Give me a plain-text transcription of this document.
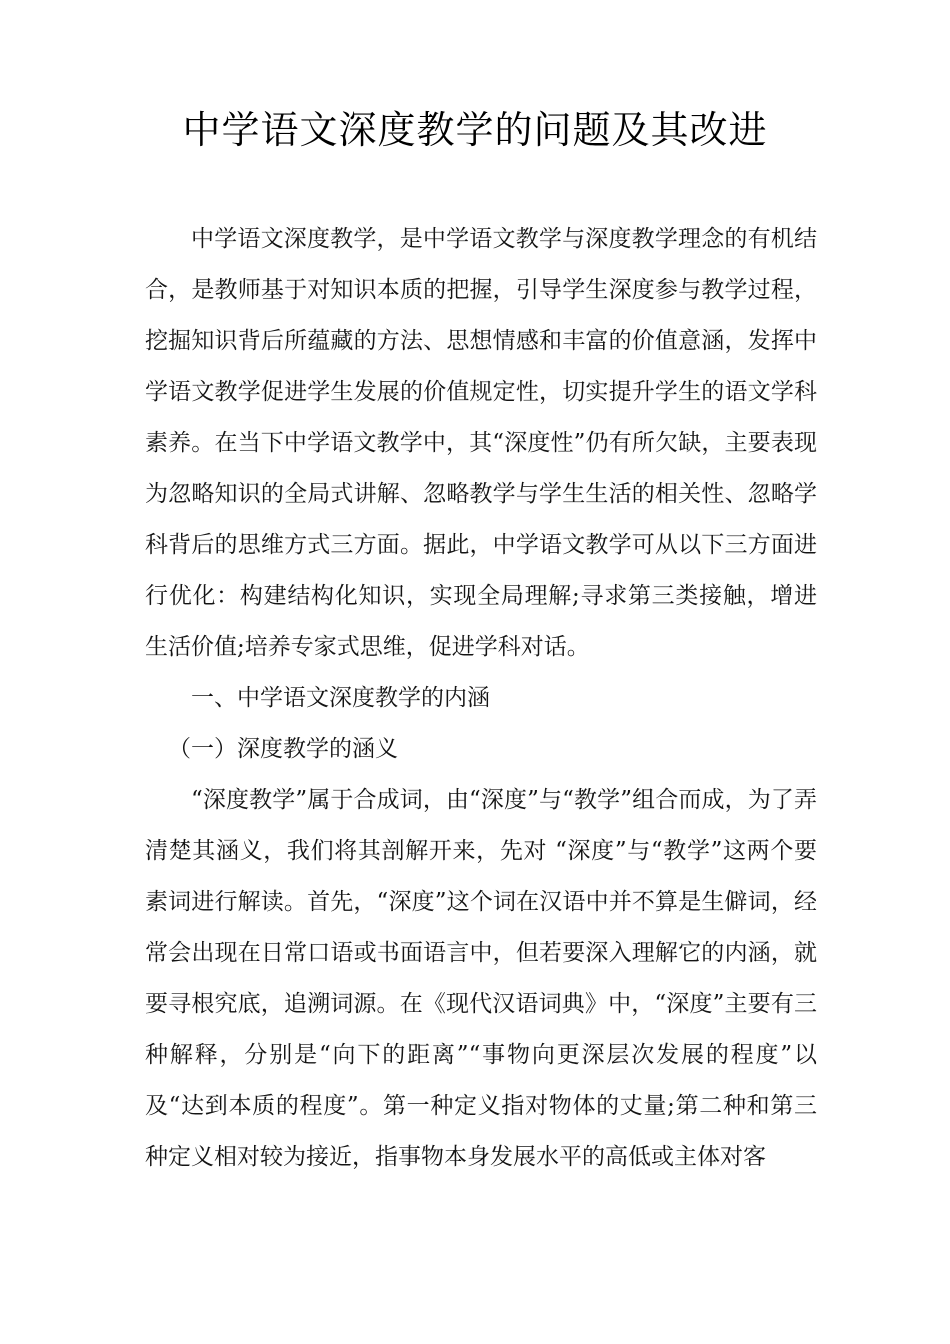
中学语文深度教学的问题及其改进

中学语文深度教学，是中学语文教学与深度教学理念的有机结合，是教师基于对知识本质的把握，引导学生深度参与教学过程，挖掘知识背后所蕴藏的方法、思想情感和丰富的价值意涵，发挥中学语文教学促进学生发展的价值规定性，切实提升学生的语文学科素养。在当下中学语文教学中，其“深度性”仍有所欠缺，主要表现为忽略知识的全局式讲解、忽略教学与学生生活的相关性、忽略学科背后的思维方式三方面。据此，中学语文教学可从以下三方面进行优化：构建结构化知识，实现全局理解;寻求第三类接触，增进生活价值;培养专家式思维，促进学科对话。

一、中学语文深度教学的内涵

（一）深度教学的涵义

“深度教学”属于合成词，由“深度”与“教学”组合而成，为了弄清楚其涵义，我们将其剖解开来，先对 “深度”与“教学”这两个要素词进行解读。首先，“深度”这个词在汉语中并不算是生僻词，经常会出现在日常口语或书面语言中，但若要深入理解它的内涵，就要寻根究底，追溯词源。在《现代汉语词典》中，“深度”主要有三种解释，分别是“向下的距离”“事物向更深层次发展的程度”以及“达到本质的程度”。第一种定义指对物体的丈量;第二种和第三种定义相对较为接近，指事物本身发展水平的高低或主体对客
